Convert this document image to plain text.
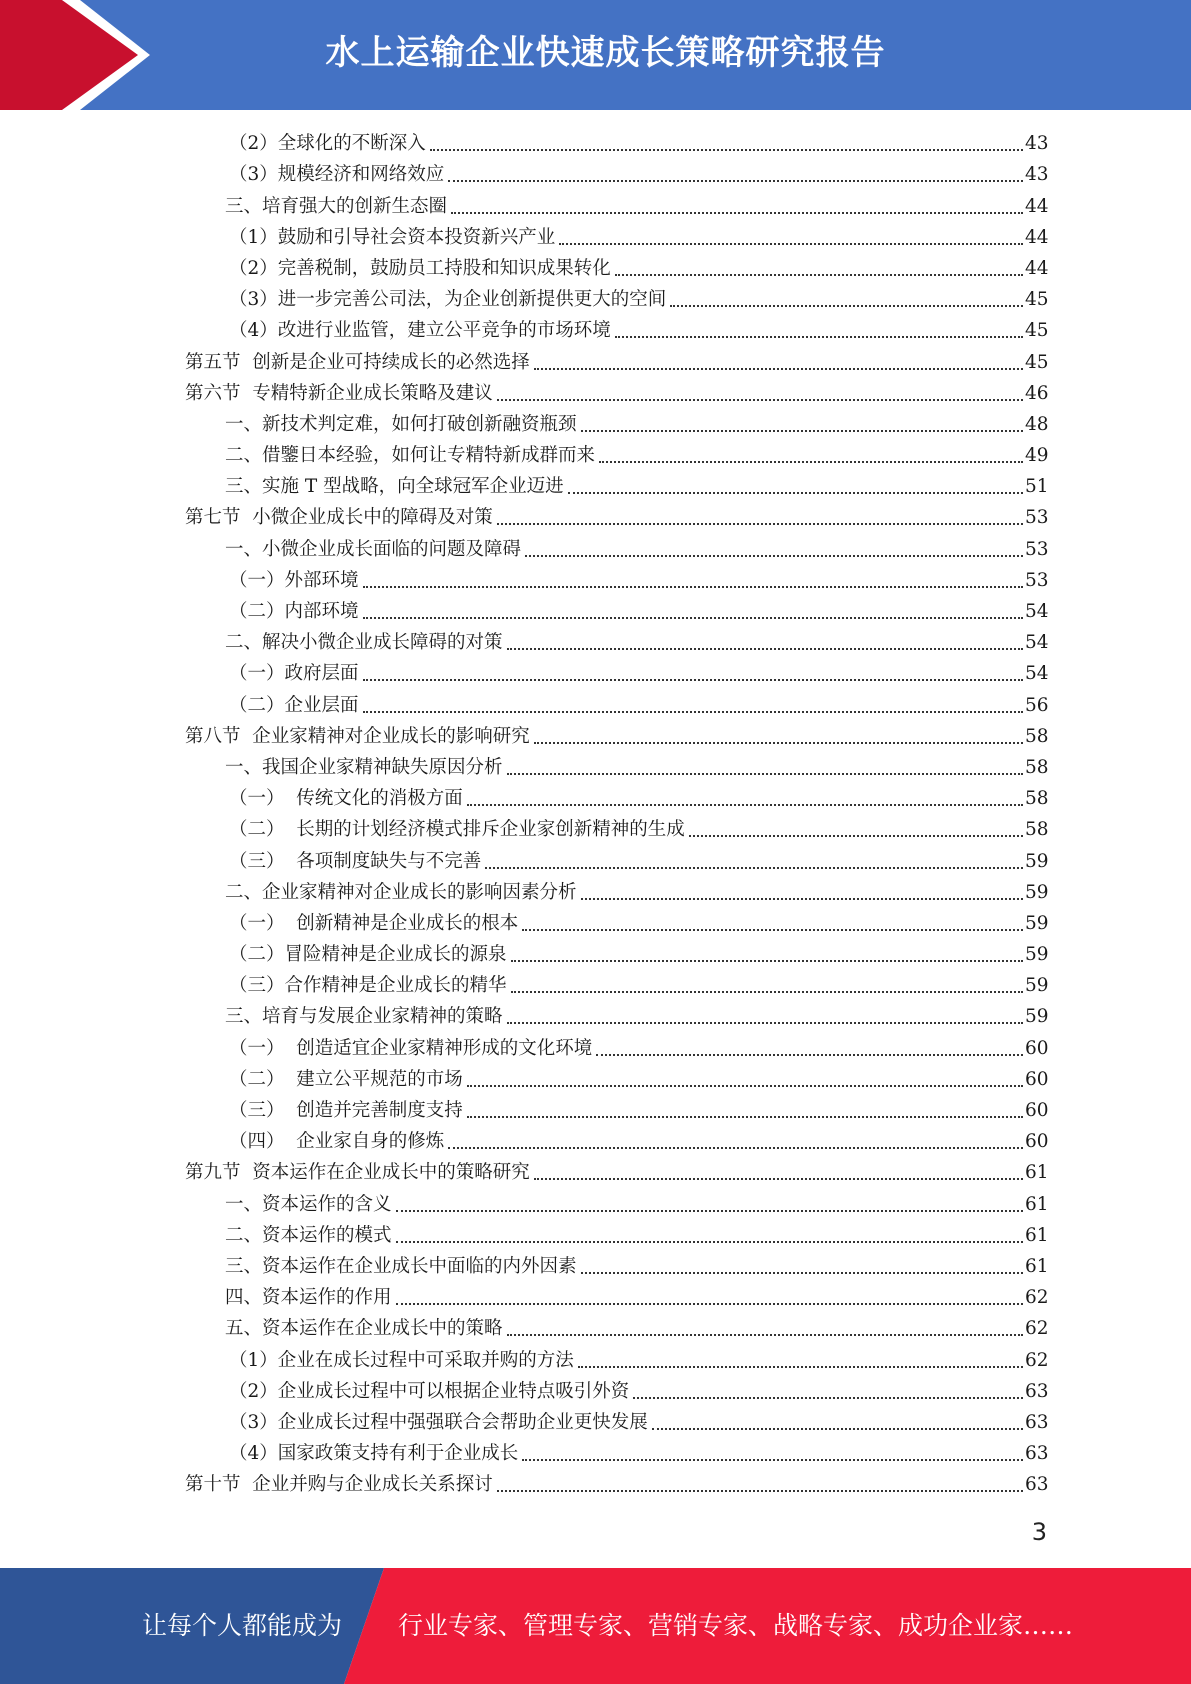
水上运输企业快速成长策略研究报告
（2）全球化的不断深入	43
（3）规模经济和网络效应	43
三、培育强大的创新生态圈	44
（1）鼓励和引导社会资本投资新兴产业	44
（2）完善税制，鼓励员工持股和知识成果转化	44
（3）进一步完善公司法，为企业创新提供更大的空间	45
（4）改进行业监管，建立公平竞争的市场环境	45
第五节  创新是企业可持续成长的必然选择	45
第六节  专精特新企业成长策略及建议	46
一、新技术判定难，如何打破创新融资瓶颈	48
二、借鑒日本经验，如何让专精特新成群而来	49
三、实施 T 型战略，向全球冠军企业迈进	51
第七节  小微企业成长中的障碍及对策	53
一、小微企业成长面临的问题及障碍	53
（一）外部环境	53
（二）内部环境	54
二、解决小微企业成长障碍的对策	54
（一）政府层面	54
（二）企业层面	56
第八节  企业家精神对企业成长的影响研究	58
一、我国企业家精神缺失原因分析	58
（一）  传统文化的消极方面	58
（二）  长期的计划经济模式排斥企业家创新精神的生成	58
（三）  各项制度缺失与不完善	59
二、企业家精神对企业成长的影响因素分析	59
（一）  创新精神是企业成长的根本	59
（二）冒险精神是企业成长的源泉	59
（三）合作精神是企业成长的精华	59
三、培育与发展企业家精神的策略	59
（一）  创造适宜企业家精神形成的文化环境	60
（二）  建立公平规范的市场	60
（三）  创造并完善制度支持	60
（四）  企业家自身的修炼	60
第九节  资本运作在企业成长中的策略研究	61
一、资本运作的含义	61
二、资本运作的模式	61
三、资本运作在企业成长中面临的内外因素	61
四、资本运作的作用	62
五、资本运作在企业成长中的策略	62
（1）企业在成长过程中可采取并购的方法	62
（2）企业成长过程中可以根据企业特点吸引外资	63
（3）企业成长过程中强强联合会帮助企业更快发展	63
（4）国家政策支持有利于企业成长	63
第十节  企业并购与企业成长关系探讨	63
3
让每个人都能成为 行业专家、管理专家、营销专家、战略专家、成功企业家……
